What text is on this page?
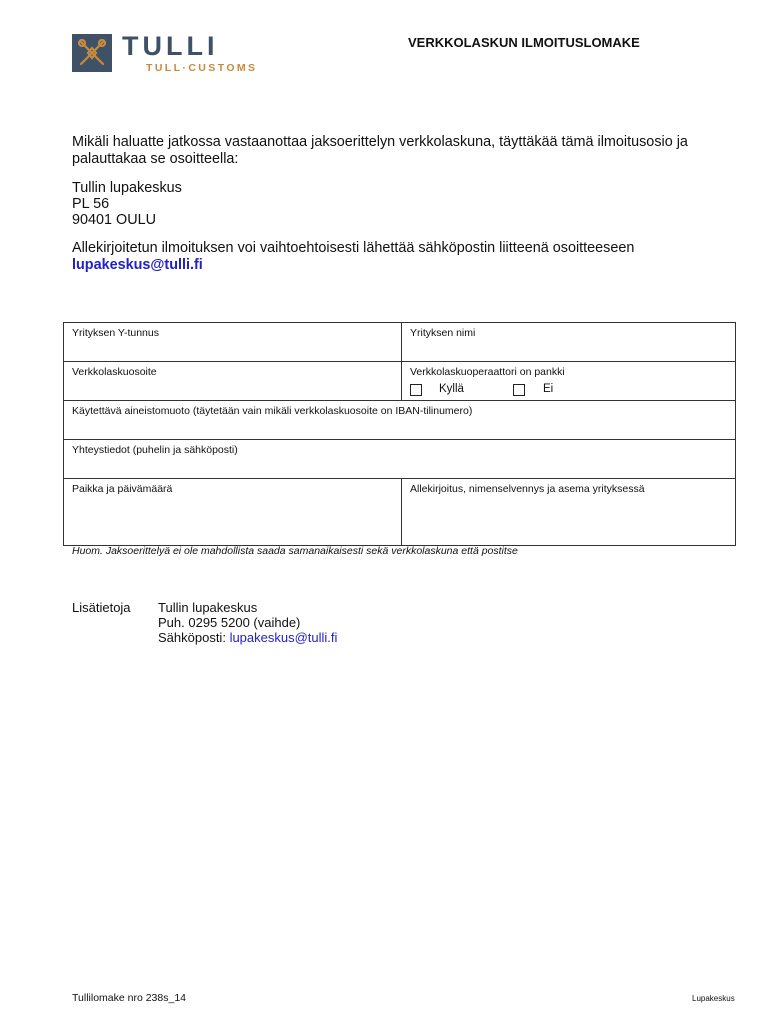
TULLI
TULL·CUSTOMS
VERKKOLASKUN ILMOITUSLOMAKE

Mikäli haluatte jatkossa vastaanottaa jaksoerittelyn verkkolaskuna, täyttäkää tämä ilmoitusosio ja

palauttakaa se osoitteella:

Tullin lupakeskus
PL 56
90401 OULU
Allekirjoitetun ilmoituksen voi vaihtoehtoisesti lähettää sähköpostin liitteenä osoitteeseen
lupakeskus@tulli.fi
Yrityksen Y-tunnus	Yrityksen nimi
Verkkolaskuosoite	Verkkolaskuoperaattori on pankki
Kyllä	Ei
Käytettävä aineistomuoto (täytetään vain mikäli verkkolaskuosoite on IBAN-tilinumero)
Yhteystiedot (puhelin ja sähköposti)
Paikka ja päivämäärä	Allekirjoitus, nimenselvennys ja asema yrityksessä
Huom. Jaksoerittelyä ei ole mahdollista saada samanaikaisesti sekä verkkolaskuna että postitse
Lisätietoja Tullin lupakeskus
Puh. 0295 5200 (vaihde)
Sähköposti: lupakeskus@tulli.fi
Tullilomake nro 238s_14	Lupakeskus
